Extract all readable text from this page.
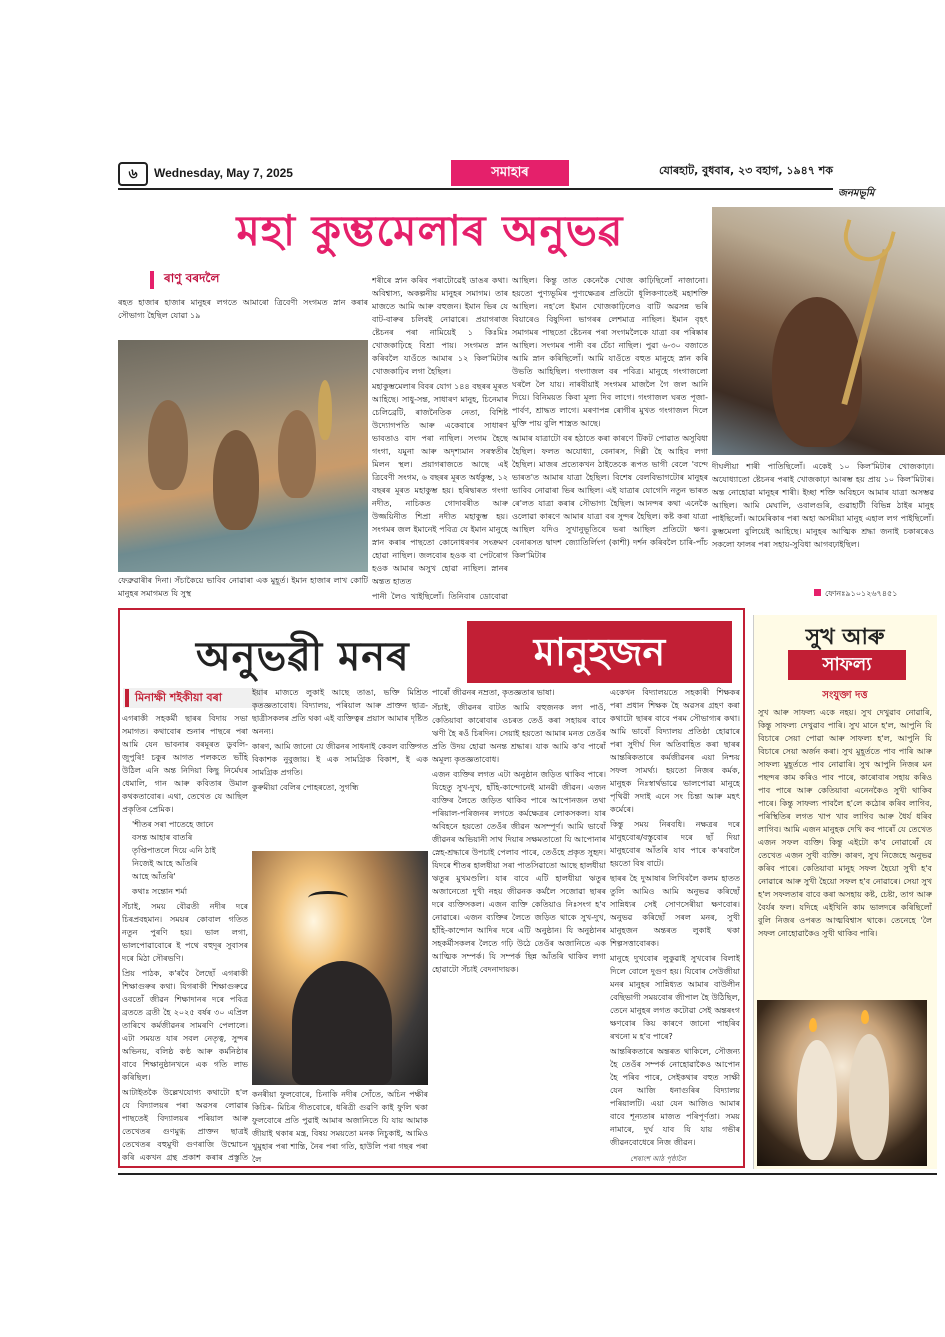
৬	Wednesday, May 7, 2025	সমাহাৰ	যোৰহাট, বুধবাৰ, ২৩ বহাগ, ১৯৪৭ শক
জনমভূমি
মহা কুম্ভমেলাৰ অনুভৱ
ৰাণু বৰদলৈ

ৰহত হাজাৰ হাজাৰ মানুহৰ লগতে আমাৰো ত্ৰিবেণী সংগমত স্নান কৰাৰ সৌভাগ্য হৈছিল যোৱা ১৯

ফেব্ৰুৱাৰীৰ দিনা। সঁচাকৈয়ে ভাবিব নোৱাৰা এক মুহূৰ্ত। ইমান হাজাৰ লাখ কোটি মানুহৰ সমাগমত যি সুস্থ

শৰীৰে স্নান কৰিব পৰাটোৱেই ডাঙৰ কথা। অবিশ্বাস্য, অকল্পনীয় মানুহৰ সমাগম। তাৰ মাজতে আমি আৰু বহুজন। ইমান ভিৰ যে বাট-বাৰুৰ চলিবই নোৱাৰে। প্ৰয়াগৰাজ ষ্টেচনৰ পৰা নামিয়েই ১ কিঃমিঃ খোজকাঢ়িহে বিশ্ৰা পায়। সংগমত স্নান কৰিবলৈ যাওঁতে আমাৰ ১২ কিল'মিটাৰ খোজকাঢ়িব লগা হৈছিল।

মহাকুম্ভমেলাৰ বিবৰ যোগ ১৪৪ বছৰৰ মূৰত আহিছে। সাধু-সন্ত, সাধাৰণ মানুহ, চিনেমাৰ চেলিব্ৰেটি, ৰাজনৈতিক নেতা, বিশিষ্ট উদ্যোগপতি আৰু একেবাৰে সাধাৰণ ভাবতাও বাদ পৰা নাছিল। সংগম হৈছে গংগা, যমুনা আৰু অদৃশ্যমান সৰস্বতীৰ মিলন স্থল। প্ৰয়াগৰাজতে আছে এই ত্ৰিবেণী সংগম, ৬ বছৰৰ মূৰত অৰ্ধকুম্ভ, ১২ বছৰৰ মূৰত মহাকুম্ভ হয়। হৰিদ্বাৰত গংগা নদীত, নাচিকত গোদাবৰীত আৰু উজ্জয়িনীত শিপ্ৰা নদীত মহাকুম্ভ হয়। সংগমৰ জল ইমানেই পবিত্ৰ যে ইমান মানুহে স্নান কৰাৰ পাছতো কোনোধৰণৰ সংক্ৰমণ হোৱা নাছিল। জলবোৰ হওক বা পেটৰোগ হওক আমাৰ অসুখ হোৱা নাছিল। স্নানৰ অন্তত হাতত

পানী লৈও খাইছিলোঁ। তিনিবাৰ ডোবোৱা

আছিল। কিন্তু তাত কেনেকৈ খোজ কাঢ়িছিলোঁ নাজানো। হয়তো পুণ্যভূমিৰ পুণ্যক্ষেত্ৰৰ প্ৰতিটো ধূলিকণাতেই মহাশক্তি আছিল। নহ'লে ইমান খোজকাঢ়িলেও বাটি অৱসন্ন ভৰি বিয়াৰেও বিষুদিনা ভাগৰৰ লেশমাত্ৰ নাছিল। ইমান বৃহৎ সমাগমৰ পাছতো ষ্টেচনৰ পৰা সংগমলৈকে যাত্ৰা বৰ পৰিষ্কাৰ আছিল। সংগমৰ পানী বৰ চেঁচা নাছিল। পুৱা ৬-৩০ বজাতে আমি স্নান কৰিছিলোঁ। আমি যাওঁতে বহুত মানুহে স্নান কৰি উভতি আহিছিল। গংগাজল বৰ পবিত্ৰ। মানুহে গংগাজলো ঘৰলৈ লৈ যায়। নাৰবীয়াই সংগমৰ মাজলৈ গৈ জল আনি দিয়ে। বিনিময়ত কিবা মূল্য দিব লাগে। গংগাজল ঘৰত পূজা-পাৰ্বণ, শ্ৰাদ্ধত লাগে। মৰণাপন্ন ৰোগীৰ মুখত গংগাজল দিলে মুক্তি পায় বুলি শাস্ত্ৰত আছে।

আমাৰ যাত্ৰাটো বৰ হঠাতে কৰা কাৰণে টিকট পোৱাত অসুবিধা হৈছিল। ফলত অযোধ্যা, বেনাৰস, দিল্লী হৈ আহিব লগা হৈছিল। মাজৰ প্ৰত্যেকখন ঠাইতেকে ৰূপত ভাগী বেলে 'বন্দে ভাৰত'ত আমাৰ যাত্ৰা হৈছিল। বিশেষ বেলবিভাগটোৰ মানুহৰ ভাবিব নোৱাৰা ভিৰ আছিল। এই যাত্ৰাৰ যোগেদি নতুন ভাৰত ৰে'লত যাত্ৰা কৰাৰ সৌভাগ্য হৈছিল। আনন্দৰ কথা এনেকৈ ওলোৱা কাৰণে আমাৰ যাত্ৰা বৰ সুন্দৰ হৈছিল। কষ্ট কৰা যাত্ৰা আছিল যদিও সুখানুভূতিৰে ভৰা আছিল প্ৰতিটো ক্ষণ। বেনাৰসত দ্বাদশ জ্যোতিৰ্লিংগ (কাশী) দৰ্শন কৰিবলৈ চাৰি-পাঁচ কিল'মিটাৰ

দীঘলীয়া শাৰী পাতিছিলোঁ। একেই ১০ কিল'মিটাৰ খোজকাঢ়া। অযোধ্যাতো ষ্টেচনৰ পৰাই খোজকাঢ়া আৰম্ভ হয় প্ৰায় ১০ কিল'মিটাৰ। অন্ত নোহোৱা মানুহৰ শাৰী। ইচ্ছা শক্তি অবিহনে আমাৰ যাত্ৰা অসম্ভৱ আছিল। আমি মেঘালি, ওবালগুৰি, গুৱাহাটী বিভিন্ন ঠাইৰ মানুহ পাইছিলোঁ। আমেৰিকাৰ পৰা অহা অসমীয়া মানুহ এহাল লগ পাইছিলোঁ। কুম্ভমেলা বুলিয়েই আহিছে। মানুহৰ আত্মিক শ্ৰদ্ধা জনাই চকাৰৰেও সকলো ফালৰ পৰা সহায়-সুবিধা আগবঢ়াইছিল।

ফোনঃ৯১০১২৬৭৪৫১
অনুভৱী মনৰ	মানুহজন
মিনাক্ষী শইকীয়া বৰা

এগৰাকী সহকৰ্মী ছাৰৰ বিদায় সভা সমাগত। কথাবোৰ শুনাৰ পাছৰে পৰা আমি যেন ভাবনাৰ বৰমূৰত ডুবলি-জুপুৰি! চকুৰ আগত পলকতে ভাঁহি উঠিল এনি অন্ত নিদিয়া কিছু নিৰ্মেঘৰ ধেমালি, গান আৰু কবিতাৰ উমাল কথকতাবোৰ। এথা, তেখেত যে আছিল প্ৰকৃতিৰ প্ৰেমিক।

'শীতৰ সৰা পাতেহে জানে
বসন্ত আহাৰ বাতৰি
তৃপ্তিপাতলে দিয়ে এনি ঠাই
নিজেই আহে আঁতৰি
আহে আঁতৰি'

কথাঃ সন্তোন শৰ্মা

সঁচাই, সময় বৌৱতী নদীৰ দৰে চিৰপ্ৰবহমান। সময়ৰ কোবাল গতিত নতুন পুৰণি হয়। ভাল লগা, ভালপোৱাবোৰে ই পথে বহুদূৰ সুবাসৰ দৰে মিঠা সৌৰভণি।

প্ৰিয় পাঠক, ক'ৰবৈ লৈছোঁ এগৰাকী শিক্ষাগুৰুৰ কথা। যিগৰাকী শিক্ষাগুৰুৱে ওবতোঁ জীৱন শিক্ষাদানৰ দৰে পবিত্ৰ ব্ৰততে ব্ৰতী হৈ ২০২৫ বৰ্ষৰ ৩০ এপ্ৰিল তাৰিখে কৰ্মজীৱনৰ সামৰণি পেলালে। এটা সময়ত যাৰ সবল নেতৃত্ব, সুন্দৰ অভিনয়, বলিষ্ঠ কণ্ঠ আৰু কৰ্মনিষ্ঠাৰ বাবে শিক্ষানুষ্ঠানখনে এক গতি লাভ কৰিছিল।

আটাইতকৈ উল্লেখযোগ্য কথাটো হ'ল যে বিদ্যালয়ৰ পৰা অৱসৰ লোৱাৰ পাছতেই বিদ্যালয়ৰ পৰিয়াল আৰু তেখেতৰ গুণমুগ্ধ প্ৰাক্তন ছাত্ৰই তেখেতৰ বহুমুখী গুণৰাজি উন্মোচন কৰি একখন গ্ৰন্থ প্ৰকাশ কৰাৰ প্ৰস্তুতি

ইয়াৰ মাজতে লুকাই আছে তাঙা, ভক্তি মিশ্ৰিত কৃতজ্ঞতাবোধ। বিদ্যালয়, পৰিয়াল আৰু প্ৰাক্তন ছাত্ৰ-ছাত্ৰীসকলৰ প্ৰতি থকা এই ব্যক্তিত্বৰ প্ৰয়াস আমাৰ দৃষ্টিত অনন্য।

কাৰণ, আমি জানো যে জীৱনৰ সাধনাই কেবল ব্যক্তিগত বিকাশক নুবুজায়। ই এক সামগ্ৰিক বিকাশ, ই এক সামগ্ৰিক প্ৰগতি।

কুৰুমীয়া বেলিৰ পোহৰতো, সুগন্ধি

কনৰীয়া ফুলবোৰে, চিনাকি নদীৰ সোঁতে, অচিন পক্ষীৰ কিচিৰ- মিচিৰ গীতবোৰে, ধৰিত্ৰী গুৱণি কাই ফুলি থকা ফুলবোৰে প্ৰতি পুৱাই আমাৰ অজানিতে যি যায় আমাক জীয়াই থকাৰ মন্ত্ৰ, বিষয় সময়তো মনক নিচুকাই, আমিও খুমুহাৰ পৰা শান্তি, নৈৰ পৰা গতি, হাউলি পৰা গছৰ পৰা লৈ

পাৰোঁ জীৱনৰ নম্ৰতা, কৃতজ্ঞতাৰ ভাষা।

সঁচাই, জীৱনৰ বাটত আমি বহুজনক লগ পাওঁ, কেতিয়াবা কাৰোবাৰ ওচৰত তেওঁ কৰা সহায়ৰ বাবে ঋণী হৈ ৰওঁ চিৰদিন। সেয়াই হয়তো আমাৰ মনত তেওঁৰ প্ৰতি উদয় হোৱা অনন্ত শ্ৰদ্ধাৰ। যাক আমি ক'ব পাৰোঁ অমূল্য কৃতজ্ঞতাবোধ।

এজন ব্যক্তিৰ লগত এটা অনুষ্ঠান জড়িত থাকিব পাৰে। যিহেতু সুখ-দুখ, হাঁহি-কান্দোনেই মানৱী জীৱন। এজন ব্যক্তিৰ লৈতে জড়িত থাকিব পাৰে আপোনজন তথা পৰিয়াল-পৰিজনৰ লগতে কৰ্মক্ষেত্ৰৰ লোকসকল। যাৰ অবিহনে হয়তো তেওঁৰ জীৱন অসম্পূৰ্ণ। আমি ভাবোঁ জীৱনৰ অভিয়ানী সাথ দিয়াৰ সক্ষমতাতো যি আপোনাৰ স্নেহ-শ্ৰদ্ধাৰে উপচাই পেলাব পাৰে, তেওঁহে প্ৰকৃত সুহৃদ। যিদৰে শীতৰ হালধীয়া সৰা পাতসিৱাতো আছে হালধীয়া ঋতুৰ মুখমণ্ডলি। যাৰ বাবে এটি হালধীয়া ঋতুৰ অজানেতো দুখী নহয় জীৱনক কৰ্মলৈ সজোৱা ছাৰৰ দৰে ব্যক্তিসকল। এজন ব্যক্তি কেতিয়াও নিঃসংগ হ'ব নোৱাৰে। এজন ব্যক্তিৰ লৈতে জড়িত থাকে সুখ-দুখ, হাঁহি-কান্দোন আদিৰ দৰে এটি অনুষ্ঠান। যি অনুষ্ঠানৰ সহকৰ্মীসকলৰ লৈতে গঢ়ি উঠে তেওঁৰ অজানিতে এক আত্মিক সম্পৰ্ক। যি সম্পৰ্ক ছিন্ন আঁতৰি থাকিব লগা হোৱাটো সঁচাই বেদনাদায়ক।

একেখন বিদ্যালয়তে সহকাৰী শিক্ষকৰ পৰা প্ৰধান শিক্ষক হৈ অৱসৰ গ্ৰহণ কৰা কথাটো ছাৰৰ বাবে পৰম সৌভাগ্যৰ কথা। আমি ভাবোঁ বিদ্যালয় প্ৰতিষ্ঠা হোৱাৰে পৰা সুদীৰ্ঘ দিন অতিবাহিত কৰা ছাৰৰ আন্তৰিকতাৰে কৰ্মজীৱনৰ এয়া নিশ্চয় সফল সামৰ্থ্য। হয়তো নিজৰ কৰ্মক, মানুহক নিঃস্বাৰ্থভাৱে ভালপোৱা মানুহে পৃথিৱী সদাই এনে সং চিন্তা আৰু মহৎ কৰ্মেৰে।

কিন্তু সময় নিৰবধি। নক্ষত্ৰৰ দৰে মানুহবোৰ/বস্তুবোৰ দৰে ছাঁ দিয়া মানুহবোৰ আঁতৰি যাব পাৰে ক'ৰবালৈ হয়তো বিষ বাটে।

ছাৰৰ হৈ দুআষাৰ লিখিবলৈ কলম হাতত তুলি আমিও আমি অনুভৱ কৰিছোঁ সান্নিধ্যৰ সেই সোণসেৰীয়া ক্ষণবোৰ। অনুভৱ কৰিছোঁ সৰল মনৰ, সুখী মানুহজন অন্তৰত লুকাই থকা শিল্পসত্তাবোৰক।

মানুহে দুখবোৰ লুকুৱাই সুখবোৰ বিলাই দিলে বোলে দুগুণ হয়। যিবোৰ সেউজীয়া মনৰ মানুহৰ সান্নিধ্যত আমাৰ বাউলীন বেছিভাগী সময়বোৰ জীপাল হৈ উঠিছিল, তেনে মানুহৰ লগত কটোৱা সেই অন্তৰংগ ক্ষণবোৰ কিয় কাৰণে জানো পাহৰিব ৰখনো ম হ'ব পাৰে?

আন্তৰিকতাৰে অন্তৰত থাকিলে, সৌজন্য হৈ তেওঁৰ সম্পৰ্ক নোহোৱাকৈও আপোন হৈ পৰিব পাৰে, সেইকথাৰ বহুত সাক্ষী যেন আজি ধনাগুৰিৰ বিদ্যালয় পৰিয়ালটি। এয়া যেন আজিও আমাৰ বাবে শূন্যতাৰ মাজত পৰিপূৰ্ণতা। সময় নামাৰে, দুৰ্ঘ যাব যি যায় গভীৰ জীৱনবোধেৰে নিজ জীৱন।

শেষাংশ আঠ পৃষ্ঠালৈ
সুখ আৰু
সাফল্য
সংযুক্তা দত্ত

সুখ আৰু সাফল্য একে নহয়। সুখ দেখুৱাব নোৱাৰি, কিন্তু সাফল্য দেখুৱাব পাৰি। সুখ মানে হ'ল, আপুনি যি বিচাৰে সেয়া পোৱা আৰু সাফল্য হ'ল, আপুনি যি বিচাৰে সেয়া অৰ্জন কৰা। সুখ মুহূৰ্ততে পাব পাৰি আৰু সাফল্য মুহূৰ্ততে পাব নোৱাৰি। সুখ আপুনি নিজৰ মন পছন্দৰ কাম কৰিও পাব পাৰে, কাৰোবাৰ সহায় কৰিও পাব পাৰে আৰু কেতিয়াবা এনেনকৈও সুখী থাকিব পাৰে। কিন্তু সাফল্য পাবলৈ হ'লে কঠোৰ কৰিব লাগিব, পৰিস্থিতিৰ লগত খাপ খাব লাগিব আৰু ধৈৰ্য ধৰিব লাগিব। আমি এজন মানুহক দেখি কব পাৰোঁ যে তেখেত এজন সফল ব্যক্তি। কিন্তু এইটো ক'ব নোৱাৰোঁ যে তেখেত এজন সুখী ব্যক্তি। কাৰণ, সুখ নিজেহে অনুভৱ কৰিব পাৰে। কেতিয়াবা মানুহ সফল হৈয়ো সুখী হ'ব নোৱাৰে আৰু সুখী হৈয়ো সফল হ'ব নোৱাৰে। সেয়া সুখ হ'ল সফলতাৰ বাবে কৰা অসহায় কষ্ট, চেষ্টা, তাগ আৰু বৈৰ্যৰ ফল। যদিহে এইখিনি কাম ভালদৰে কৰিছিলোঁ বুলি নিজৰ ওপৰত আত্মবিশ্বাস থাকে। তেনেহে 'লৈ সফল নোহোৱাকৈও সুখী থাকিব পাৰি।
